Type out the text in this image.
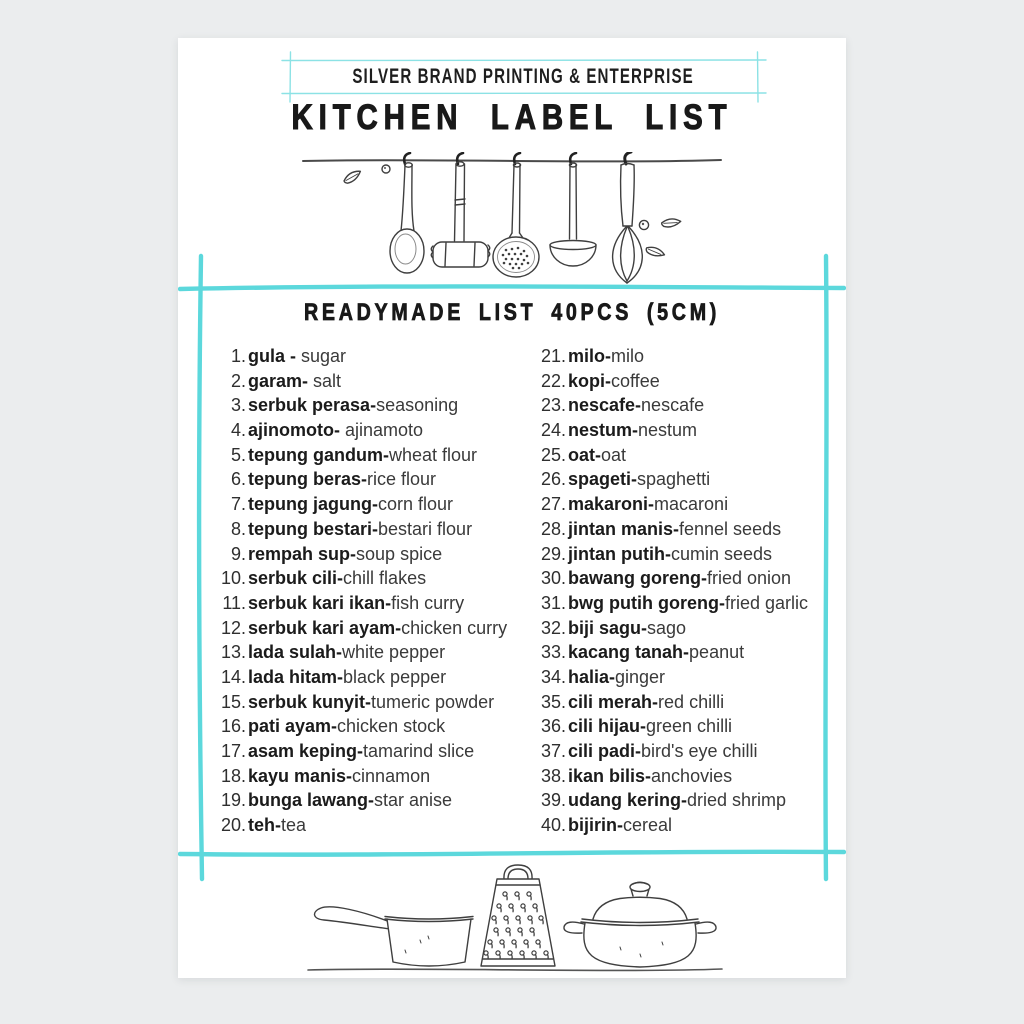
SILVER BRAND PRINTING & ENTERPRISE
KITCHEN LABEL LIST
READYMADE LIST 40PCS (5CM)
1. gula - sugar
2. garam- salt
3. serbuk perasa-seasoning
4. ajinomoto- ajinamoto
5. tepung gandum-wheat flour
6. tepung beras-rice flour
7. tepung jagung-corn flour
8. tepung bestari-bestari flour
9. rempah sup-soup spice
10. serbuk cili-chill flakes
11. serbuk kari ikan-fish curry
12. serbuk kari ayam-chicken curry
13. lada sulah-white pepper
14. lada hitam-black pepper
15. serbuk kunyit-tumeric powder
16. pati ayam-chicken stock
17. asam keping-tamarind slice
18. kayu manis-cinnamon
19. bunga lawang-star anise
20. teh-tea
21. milo-milo
22. kopi-coffee
23. nescafe-nescafe
24. nestum-nestum
25. oat-oat
26. spageti-spaghetti
27. makaroni-macaroni
28. jintan manis-fennel seeds
29. jintan putih-cumin seeds
30. bawang goreng-fried onion
31. bwg putih goreng-fried garlic
32. biji sagu-sago
33. kacang tanah-peanut
34. halia-ginger
35. cili merah-red chilli
36. cili hijau-green chilli
37. cili padi-bird's eye chilli
38. ikan bilis-anchovies
39. udang kering-dried shrimp
40. bijirin-cereal
